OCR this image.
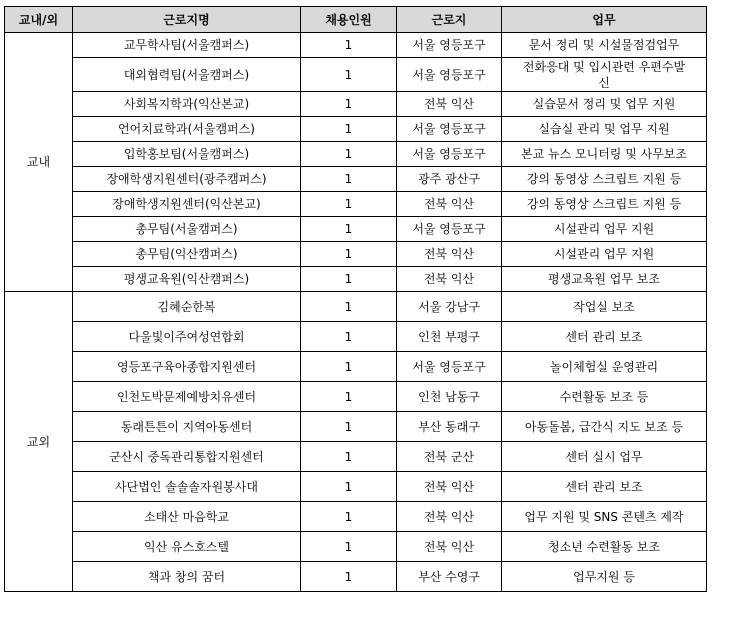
교내/외	근로지명	채용인원	근로지	업무
교내	교무학사팀(서울캠퍼스)	1	서울 영등포구	문서 정리 및 시설물점검업무
	대외협력팀(서울캠퍼스)	1	서울 영등포구	전화응대 및 입시관련 우편수발신
	사회복지학과(익산본교)	1	전북 익산	실습문서 정리 및 업무 지원
	언어치료학과(서울캠퍼스)	1	서울 영등포구	실습실 관리 및 업무 지원
	입학홍보팀(서울캠퍼스)	1	서울 영등포구	본교 뉴스 모니터링 및 사무보조
	장애학생지원센터(광주캠퍼스)	1	광주 광산구	강의 동영상 스크립트 지원 등
	장애학생지원센터(익산본교)	1	전북 익산	강의 동영상 스크립트 지원 등
	총무팀(서울캠퍼스)	1	서울 영등포구	시설관리 업무 지원
	총무팀(익산캠퍼스)	1	전북 익산	시설관리 업무 지원
	평생교육원(익산캠퍼스)	1	전북 익산	평생교육원 업무 보조
교외	김혜순한복	1	서울 강남구	작업실 보조
	다울빛이주여성연합회	1	인천 부평구	센터 관리 보조
	영등포구육아종합지원센터	1	서울 영등포구	놀이체험실 운영관리
	인천도박문제예방치유센터	1	인천 남동구	수련활동 보조 등
	동래튼튼이 지역아동센터	1	부산 동래구	아동돌봄, 급간식 지도 보조 등
	군산시 중독관리통합지원센터	1	전북 군산	센터 실시 업무
	사단법인 솔솔솔자원봉사대	1	전북 익산	센터 관리 보조
	소태산 마음학교	1	전북 익산	업무 지원 및 SNS 콘텐츠 제작
	익산 유스호스텔	1	전북 익산	청소년 수련활동 보조
	책과 창의 꿈터	1	부산 수영구	업무지원 등
